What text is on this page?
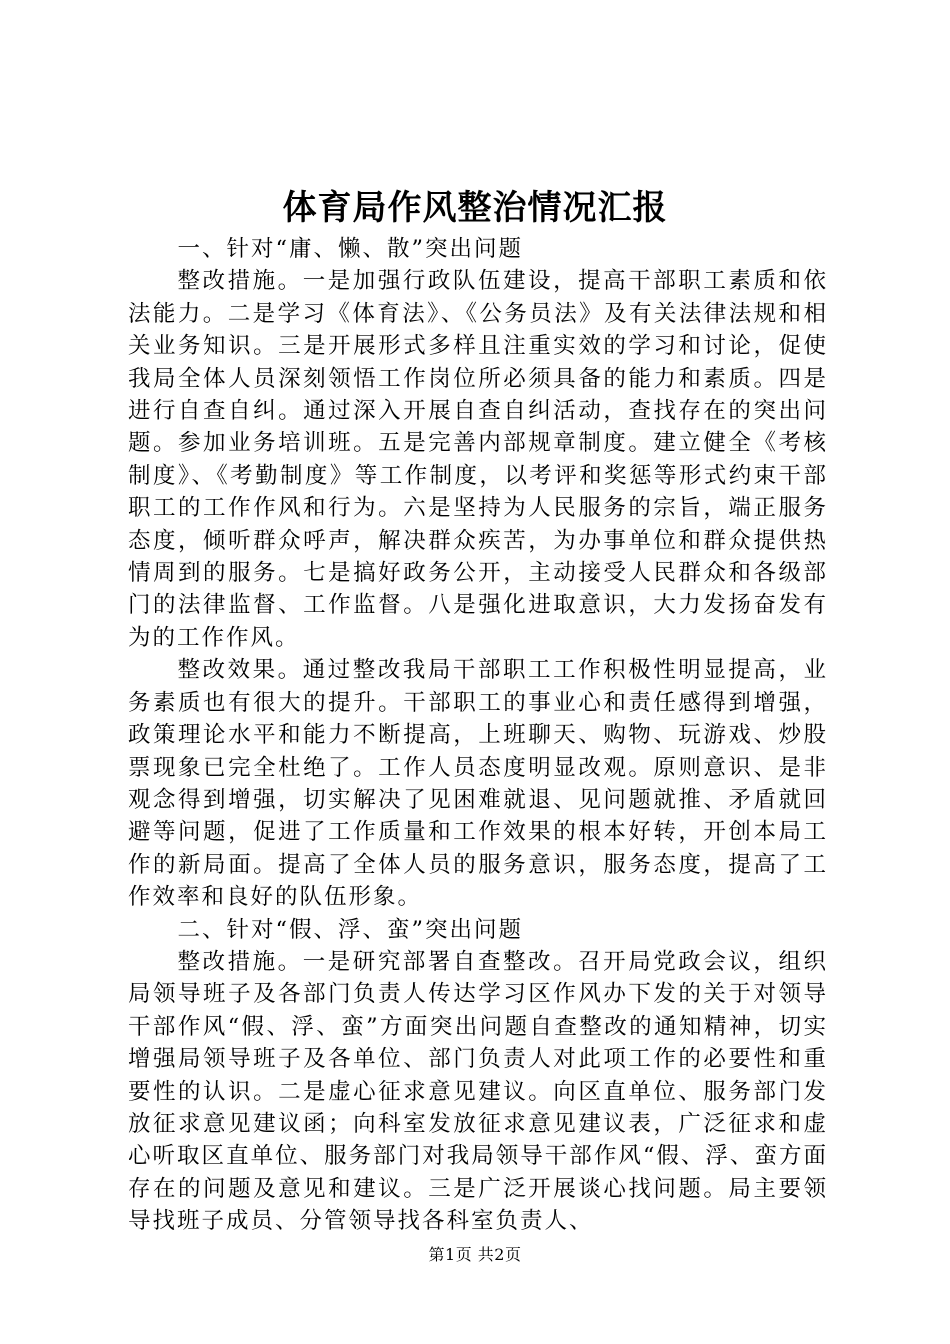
体育局作风整治情况汇报

一、针对“庸、懒、散”突出问题

整改措施。一是加强行政队伍建设，提高干部职工素质和依法能力。二是学习《体育法》、《公务员法》及有关法律法规和相关业务知识。三是开展形式多样且注重实效的学习和讨论，促使我局全体人员深刻领悟工作岗位所必须具备的能力和素质。四是进行自查自纠。通过深入开展自查自纠活动，查找存在的突出问题。参加业务培训班。五是完善内部规章制度。建立健全《考核制度》、《考勤制度》等工作制度，以考评和奖惩等形式约束干部职工的工作作风和行为。六是坚持为人民服务的宗旨，端正服务态度，倾听群众呼声，解决群众疾苦，为办事单位和群众提供热情周到的服务。七是搞好政务公开，主动接受人民群众和各级部门的法律监督、工作监督。八是强化进取意识，大力发扬奋发有为的工作作风。

整改效果。通过整改我局干部职工工作积极性明显提高，业务素质也有很大的提升。干部职工的事业心和责任感得到增强，政策理论水平和能力不断提高，上班聊天、购物、玩游戏、炒股票现象已完全杜绝了。工作人员态度明显改观。原则意识、是非观念得到增强，切实解决了见困难就退、见问题就推、矛盾就回避等问题，促进了工作质量和工作效果的根本好转，开创本局工作的新局面。提高了全体人员的服务意识，服务态度，提高了工作效率和良好的队伍形象。

二、针对“假、浮、蛮”突出问题

整改措施。一是研究部署自查整改。召开局党政会议，组织局领导班子及各部门负责人传达学习区作风办下发的关于对领导干部作风“假、浮、蛮”方面突出问题自查整改的通知精神，切实增强局领导班子及各单位、部门负责人对此项工作的必要性和重要性的认识。二是虚心征求意见建议。向区直单位、服务部门发放征求意见建议函；向科室发放征求意见建议表，广泛征求和虚心听取区直单位、服务部门对我局领导干部作风“假、浮、蛮方面存在的问题及意见和建议。三是广泛开展谈心找问题。局主要领导找班子成员、分管领导找各科室负责人、

第1页 共2页
